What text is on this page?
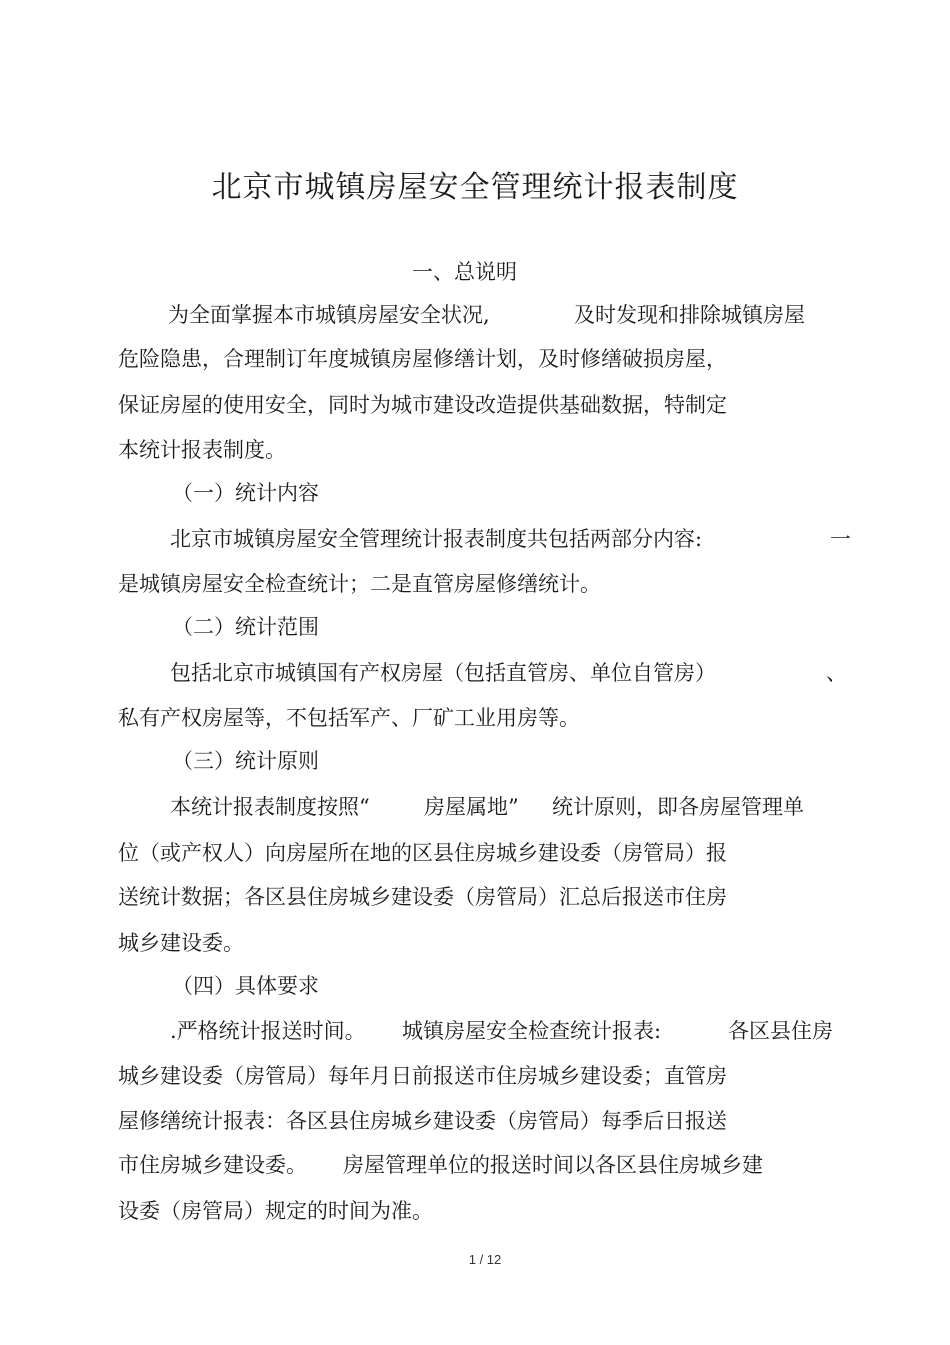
北京市城镇房屋安全管理统计报表制度
一、总说明
为全面掌握本市城镇房屋安全状况,	及时发现和排除城镇房屋
危险隐患，合理制订年度城镇房屋修缮计划，及时修缮破损房屋，
保证房屋的使用安全，同时为城市建设改造提供基础数据，特制定
本统计报表制度。
（一）统计内容
北京市城镇房屋安全管理统计报表制度共包括两部分内容:	一
是城镇房屋安全检查统计；二是直管房屋修缮统计。
（二）统计范围
包括北京市城镇国有产权房屋（包括直管房、单位自管房）	、
私有产权房屋等，不包括军产、厂矿工业用房等。
（三）统计原则
本统计报表制度按照“	房屋属地” 统计原则，即各房屋管理单
位（或产权人）向房屋所在地的区县住房城乡建设委（房管局）报
送统计数据；各区县住房城乡建设委（房管局）汇总后报送市住房
城乡建设委。
（四）具体要求
.严格统计报送时间。 城镇房屋安全检查统计报表:	各区县住房
城乡建设委（房管局）每年月日前报送市住房城乡建设委；直管房
屋修缮统计报表：各区县住房城乡建设委（房管局）每季后日报送
市住房城乡建设委。 房屋管理单位的报送时间以各区县住房城乡建
设委（房管局）规定的时间为准。
1 / 12
